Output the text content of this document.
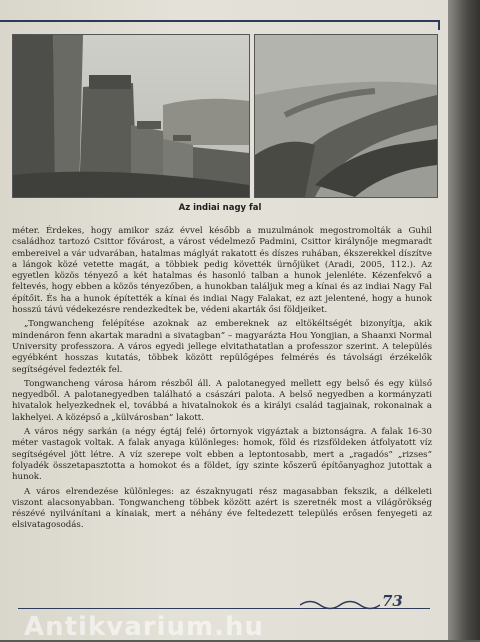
Az indiai nagy fal

méter. Érdekes, hogy amikor száz évvel később a muzulmánok megostromolták a Guhil családhoz tartozó Csittor fővárost, a várost védelmező Padmini, Csittor királynője megmaradt embereivel a vár udvarában, hatalmas máglyát rakatott és díszes ruhában, ékszerekkel díszítve a lángok közé vetette magát, a többiek pedig követték ürnőjüket (Aradi, 2005, 112.). Az egyetlen közös tényező a két hatalmas és hasonló talban a hunok jelenléte. Kézenfekvő a feltevés, hogy ebben a közös tényezőben, a hunokban találjuk meg a kínai és az indiai Nagy Fal építőit. És ha a hunok építették a kínai és indiai Nagy Falakat, ez azt jelentené, hogy a hunok hosszú távú védekezésre rendezkedtek be, védeni akarták ősi földjeiket.

„Tongwancheng felépítése azoknak az embereknek az eltökéltségét bizonyítja, akik mindenáron fenn akartak maradni a sivatagban” – magyarázta Hou Yongjian, a Shaanxi Normal University professzora. A város egyedi jellege elvitathatatlan a professzor szerint. A település egyébként hosszas kutatás, többek között repülőgépes felmérés és távolsági érzékelők segítségével fedezték fel.

Tongwancheng városa három részből áll. A palotanegyed mellett egy belső és egy külső negyedből. A palotanegyedben található a császári palota. A belső negyedben a kormányzati hivatalok helyezkednek el, továbbá a hivatalnokok és a királyi család tagjainak, rokonainak a lakhelyei. A középső a „külvárosban” lakott.

A város négy sarkán (a négy égtáj felé) őrtornyok vigyáztak a biztonságra. A falak 16-30 méter vastagok voltak. A falak anyaga különleges: homok, föld és rizsföldeken átfolyatott víz segítségével jött létre. A víz szerepe volt ebben a leptontosabb, mert a „ragadós” „rizses” folyadék összetapasztotta a homokot és a földet, így szinte kőszerű építőanyaghoz jutottak a hunok.

A város elrendezése különleges: az északnyugati rész magasabban fekszik, a délkeleti viszont alacsonyabban. Tongwancheng többek között azért is szeretnék most a világörökség részévé nyilvánítani a kínaiak, mert a néhány éve feltedezett település erősen fenyegeti az elsivatagosodás.

73
Antikvarium.hu
